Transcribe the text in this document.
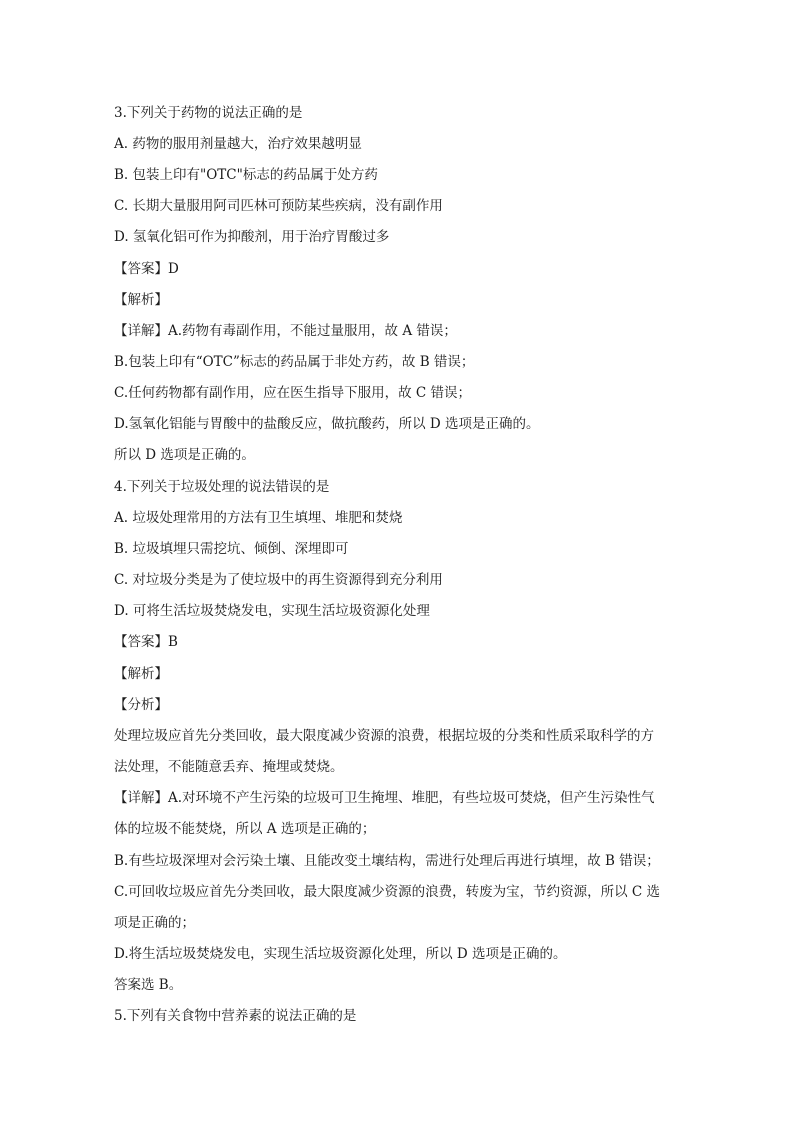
3.下列关于药物的说法正确的是
A. 药物的服用剂量越大，治疗效果越明显
B. 包装上印有"OTC"标志的药品属于处方药
C. 长期大量服用阿司匹林可预防某些疾病，没有副作用
D. 氢氧化铝可作为抑酸剂，用于治疗胃酸过多
【答案】D
【解析】
【详解】A.药物有毒副作用，不能过量服用，故 A 错误；
B.包装上印有“OTC”标志的药品属于非处方药，故 B 错误；
C.任何药物都有副作用，应在医生指导下服用，故 C 错误；
D.氢氧化铝能与胃酸中的盐酸反应，做抗酸药，所以 D 选项是正确的。
所以 D 选项是正确的。
4.下列关于垃圾处理的说法错误的是
A. 垃圾处理常用的方法有卫生填埋、堆肥和焚烧
B. 垃圾填埋只需挖坑、倾倒、深埋即可
C. 对垃圾分类是为了使垃圾中的再生资源得到充分利用
D. 可将生活垃圾焚烧发电，实现生活垃圾资源化处理
【答案】B
【解析】
【分析】
处理垃圾应首先分类回收，最大限度减少资源的浪费，根据垃圾的分类和性质采取科学的方
法处理，不能随意丢弃、掩埋或焚烧。
【详解】A.对环境不产生污染的垃圾可卫生掩埋、堆肥，有些垃圾可焚烧，但产生污染性气
体的垃圾不能焚烧，所以 A 选项是正确的；
B.有些垃圾深埋对会污染土壤、且能改变土壤结构，需进行处理后再进行填埋，故 B 错误；
C.可回收垃圾应首先分类回收，最大限度减少资源的浪费，转废为宝，节约资源，所以 C 选
项是正确的；
D.将生活垃圾焚烧发电，实现生活垃圾资源化处理，所以 D 选项是正确的。
答案选 B。
5.下列有关食物中营养素的说法正确的是
